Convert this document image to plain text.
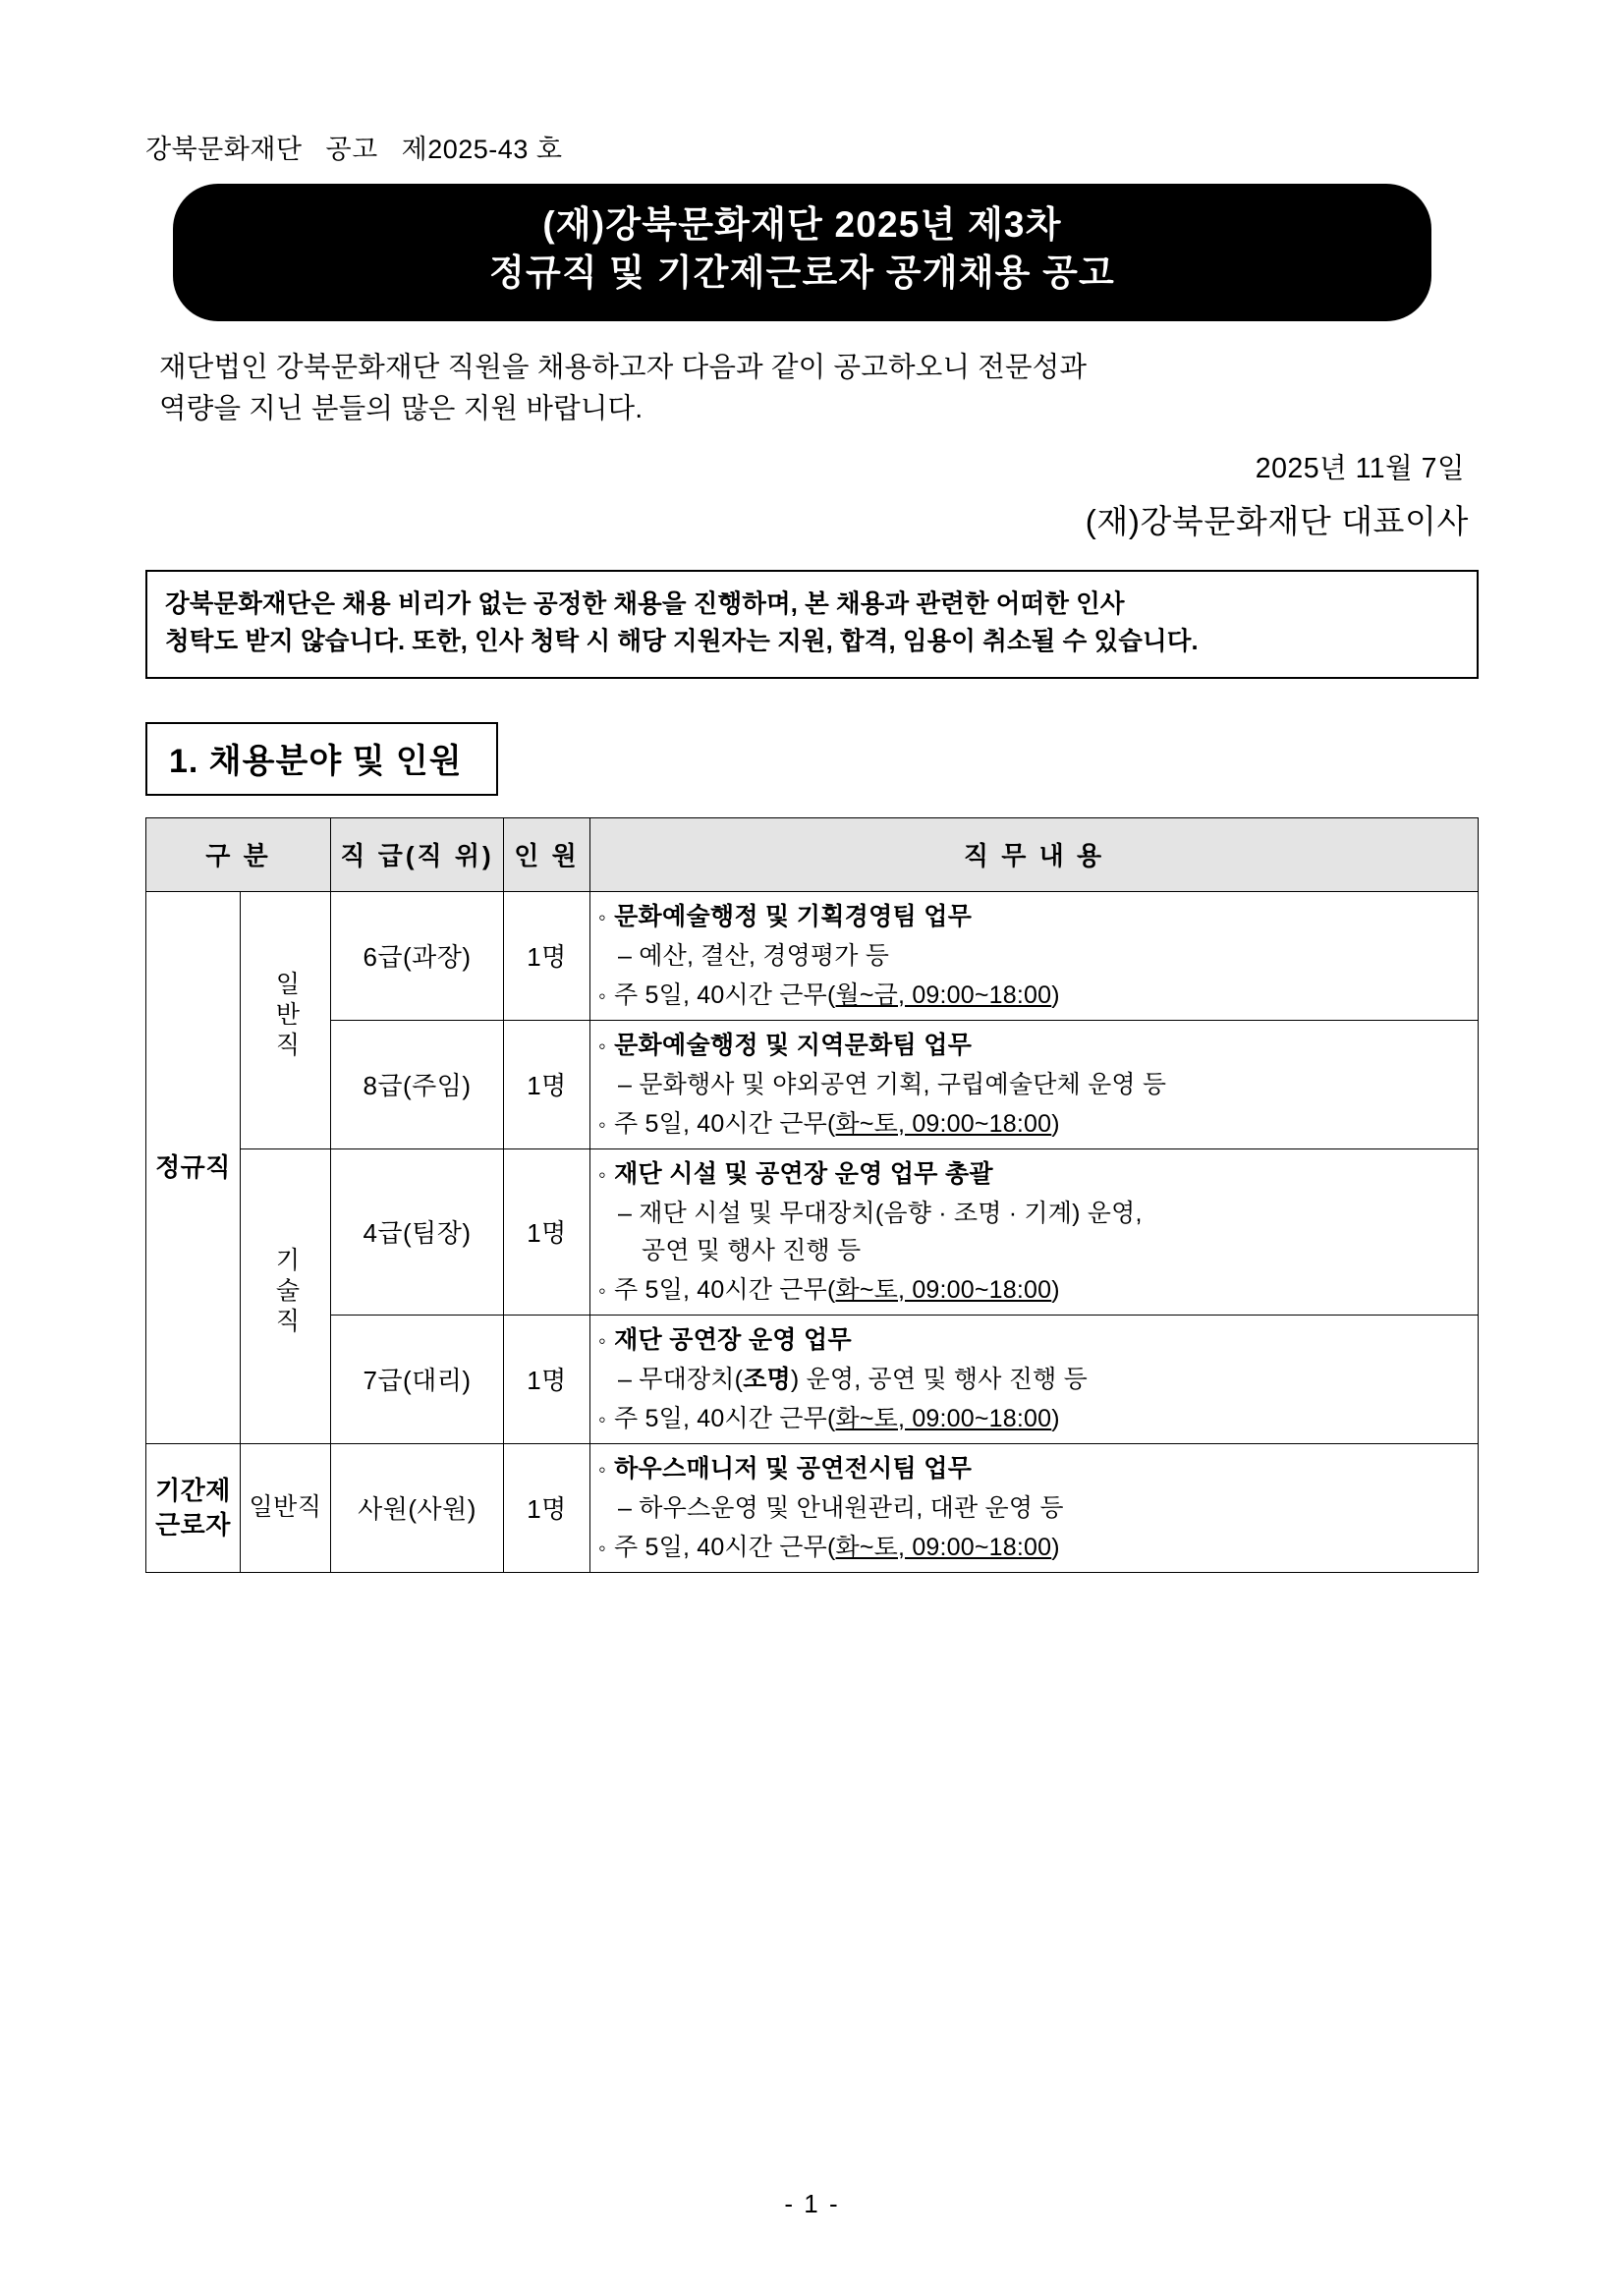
강북문화재단   공고   제2025-43 호
(재)강북문화재단 2025년 제3차
정규직 및 기간제근로자 공개채용 공고
재단법인 강북문화재단 직원을 채용하고자 다음과 같이 공고하오니 전문성과
역량을 지닌 분들의 많은 지원 바랍니다.
2025년 11월 7일
(재)강북문화재단 대표이사
강북문화재단은 채용 비리가 없는 공정한 채용을 진행하며, 본 채용과 관련한 어떠한 인사
청탁도 받지 않습니다. 또한, 인사 청탁 시 해당 지원자는 지원, 합격, 임용이 취소될 수 있습니다.
1. 채용분야 및 인원
구 분		직 급(직 위)	인 원	직 무 내 용
정규직	일반직	6급(과장)	1명	◦ 문화예술행정 및 기획경영팀 업무
– 예산, 결산, 경영평가 등
◦ 주 5일, 40시간 근무(월~금, 09:00~18:00)

		8급(주임)	1명	◦ 문화예술행정 및 지역문화팀 업무
– 문화행사 및 야외공연 기획, 구립예술단체 운영 등
◦ 주 5일, 40시간 근무(화~토, 09:00~18:00)

	기술직	4급(팀장)	1명	◦ 재단 시설 및 공연장 운영 업무 총괄
– 재단 시설 및 무대장치(음향 · 조명 · 기계) 운영,
공연 및 행사 진행 등
◦ 주 5일, 40시간 근무(화~토, 09:00~18:00)

		7급(대리)	1명	◦ 재단 공연장 운영 업무
– 무대장치(조명) 운영, 공연 및 행사 진행 등
◦ 주 5일, 40시간 근무(화~토, 09:00~18:00)

기간제
근로자	일반직	사원(사원)	1명	
◦ 하우스매니저 및 공연전시팀 업무
– 하우스운영 및 안내원관리, 대관 운영 등
◦ 주 5일, 40시간 근무(화~토, 09:00~18:00)
- 1 -
